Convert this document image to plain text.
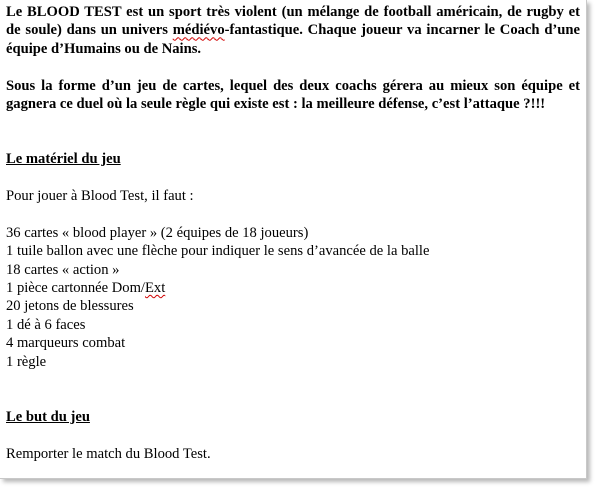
Le BLOOD TEST est un sport très violent (un mélange de football américain, de rugby et de soule) dans un univers médiévo-fantastique. Chaque joueur va incarner le Coach d’une équipe d’Humains ou de Nains.

Sous la forme d’un jeu de cartes, lequel des deux coachs gérera au mieux son équipe et gagnera ce duel où la seule règle qui existe est : la meilleure défense, c’est l’attaque ?!!!

Le matériel du jeu

Pour jouer à Blood Test, il faut :

36 cartes « blood player » (2 équipes de 18 joueurs)

1 tuile ballon avec une flèche pour indiquer le sens d’avancée de la balle

18 cartes « action »

1 pièce cartonnée Dom/Ext

20 jetons de blessures

1 dé à 6 faces

4 marqueurs combat

1 règle

Le but du jeu

Remporter le match du Blood Test.
